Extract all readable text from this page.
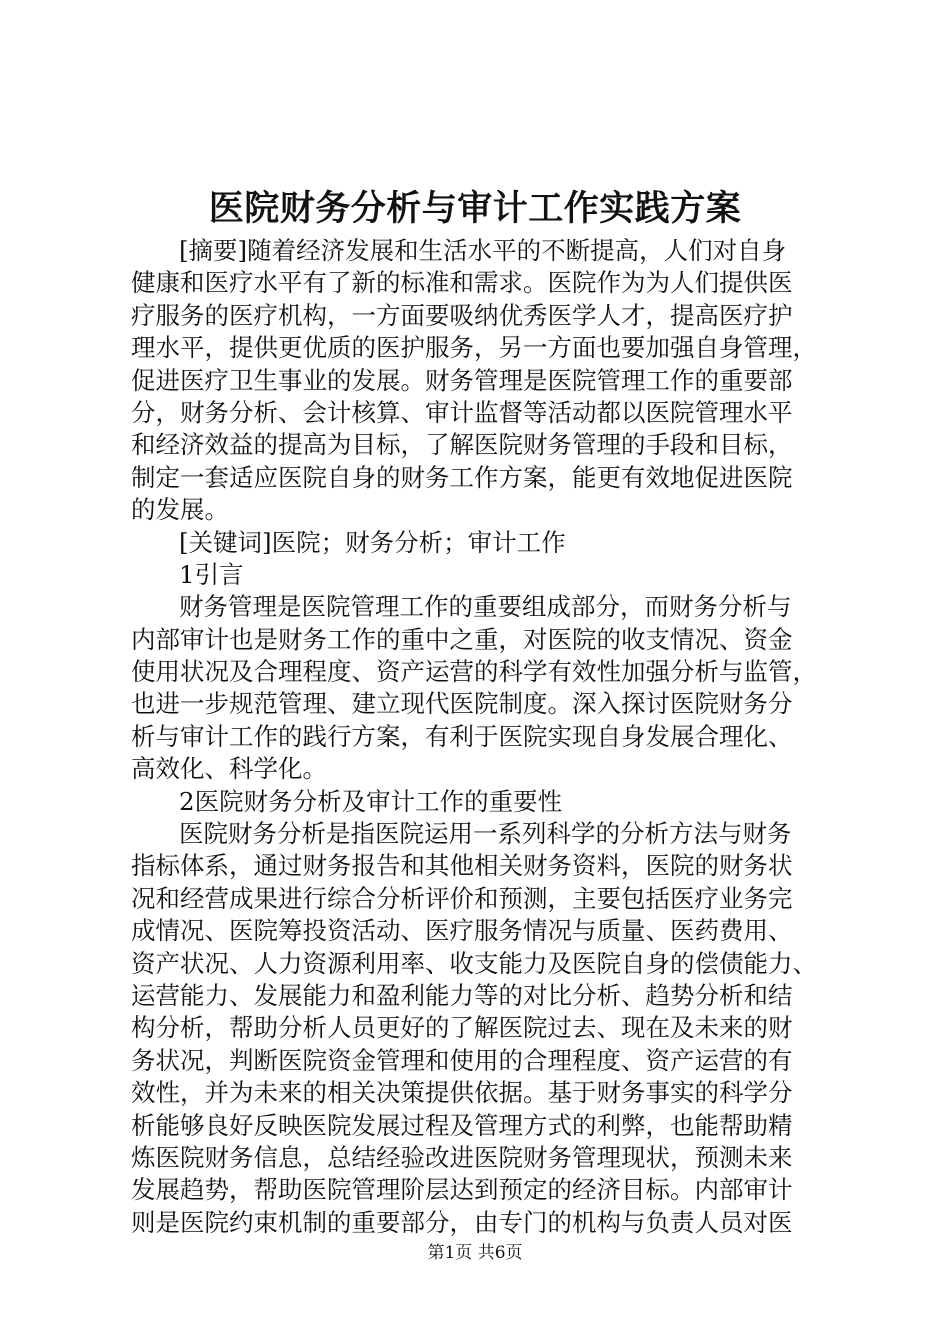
医院财务分析与审计工作实践方案
[摘要]随着经济发展和生活水平的不断提高，人们对自身
健康和医疗水平有了新的标准和需求。医院作为为人们提供医
疗服务的医疗机构，一方面要吸纳优秀医学人才，提高医疗护
理水平，提供更优质的医护服务，另一方面也要加强自身管理，
促进医疗卫生事业的发展。财务管理是医院管理工作的重要部
分，财务分析、会计核算、审计监督等活动都以医院管理水平
和经济效益的提高为目标，了解医院财务管理的手段和目标，
制定一套适应医院自身的财务工作方案，能更有效地促进医院
的发展。
[关键词]医院；财务分析；审计工作
1引言
财务管理是医院管理工作的重要组成部分，而财务分析与
内部审计也是财务工作的重中之重，对医院的收支情况、资金
使用状况及合理程度、资产运营的科学有效性加强分析与监管，
也进一步规范管理、建立现代医院制度。深入探讨医院财务分
析与审计工作的践行方案，有利于医院实现自身发展合理化、
高效化、科学化。
2医院财务分析及审计工作的重要性
医院财务分析是指医院运用一系列科学的分析方法与财务
指标体系，通过财务报告和其他相关财务资料，医院的财务状
况和经营成果进行综合分析评价和预测，主要包括医疗业务完
成情况、医院筹投资活动、医疗服务情况与质量、医药费用、
资产状况、人力资源利用率、收支能力及医院自身的偿债能力、
运营能力、发展能力和盈利能力等的对比分析、趋势分析和结
构分析，帮助分析人员更好的了解医院过去、现在及未来的财
务状况，判断医院资金管理和使用的合理程度、资产运营的有
效性，并为未来的相关决策提供依据。基于财务事实的科学分
析能够良好反映医院发展过程及管理方式的利弊，也能帮助精
炼医院财务信息，总结经验改进医院财务管理现状，预测未来
发展趋势，帮助医院管理阶层达到预定的经济目标。内部审计
则是医院约束机制的重要部分，由专门的机构与负责人员对医
第1页 共6页
